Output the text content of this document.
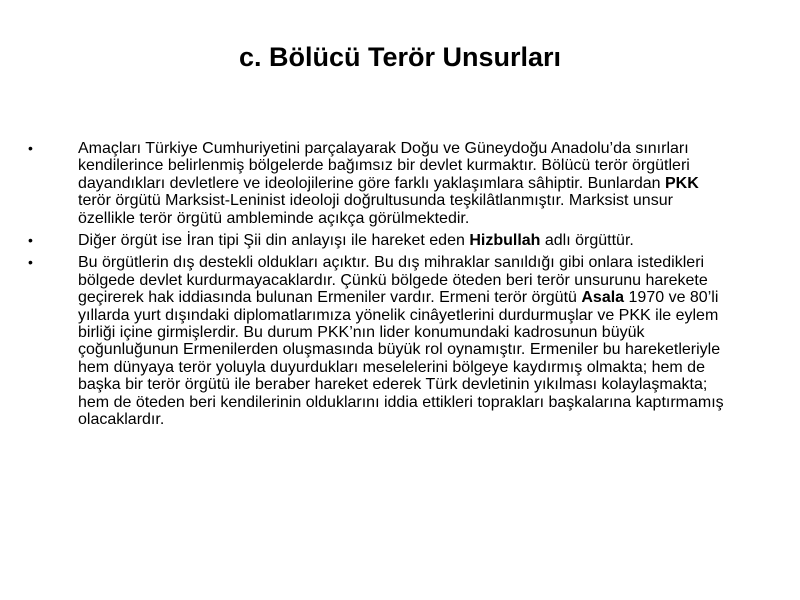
c. Bölücü Terör Unsurları
•	Amaçları Türkiye Cumhuriyetini parçalayarak Doğu ve Güneydoğu Anadolu’da sınırları kendilerince belirlenmiş bölgelerde bağımsız bir devlet kurmaktır. Bölücü terör örgütleri dayandıkları devletlere ve ideolojilerine göre farklı yaklaşımlara sâhiptir. Bunlardan PKK terör örgütü Marksist-Leninist ideoloji doğrultusunda teşkilâtlanmıştır. Marksist unsur özellikle terör örgütü ambleminde açıkça görülmektedir.
•	Diğer örgüt ise İran tipi Şii din anlayışı ile hareket eden Hizbullah adlı örgüttür.
•	Bu örgütlerin dış destekli oldukları açıktır. Bu dış mihraklar sanıldığı gibi onlara istedikleri bölgede devlet kurdurmayacaklardır. Çünkü bölgede öteden beri terör unsurunu harekete geçirerek hak iddiasında bulunan Ermeniler vardır. Ermeni terör örgütü Asala 1970 ve 80’li yıllarda yurt dışındaki diplomatlarımıza yönelik cinâyetlerini durdurmuşlar ve PKK ile eylem birliği içine girmişlerdir. Bu durum PKK’nın lider konumundaki kadrosunun büyük çoğunluğunun Ermenilerden oluşmasında büyük rol oynamıştır. Ermeniler bu hareketleriyle hem dünyaya terör yoluyla duyurdukları meselelerini bölgeye kaydırmış olmakta; hem de başka bir terör örgütü ile beraber hareket ederek Türk devletinin yıkılması kolaylaşmakta; hem de öteden beri kendilerinin olduklarını iddia ettikleri toprakları başkalarına kaptırmamış olacaklardır.
